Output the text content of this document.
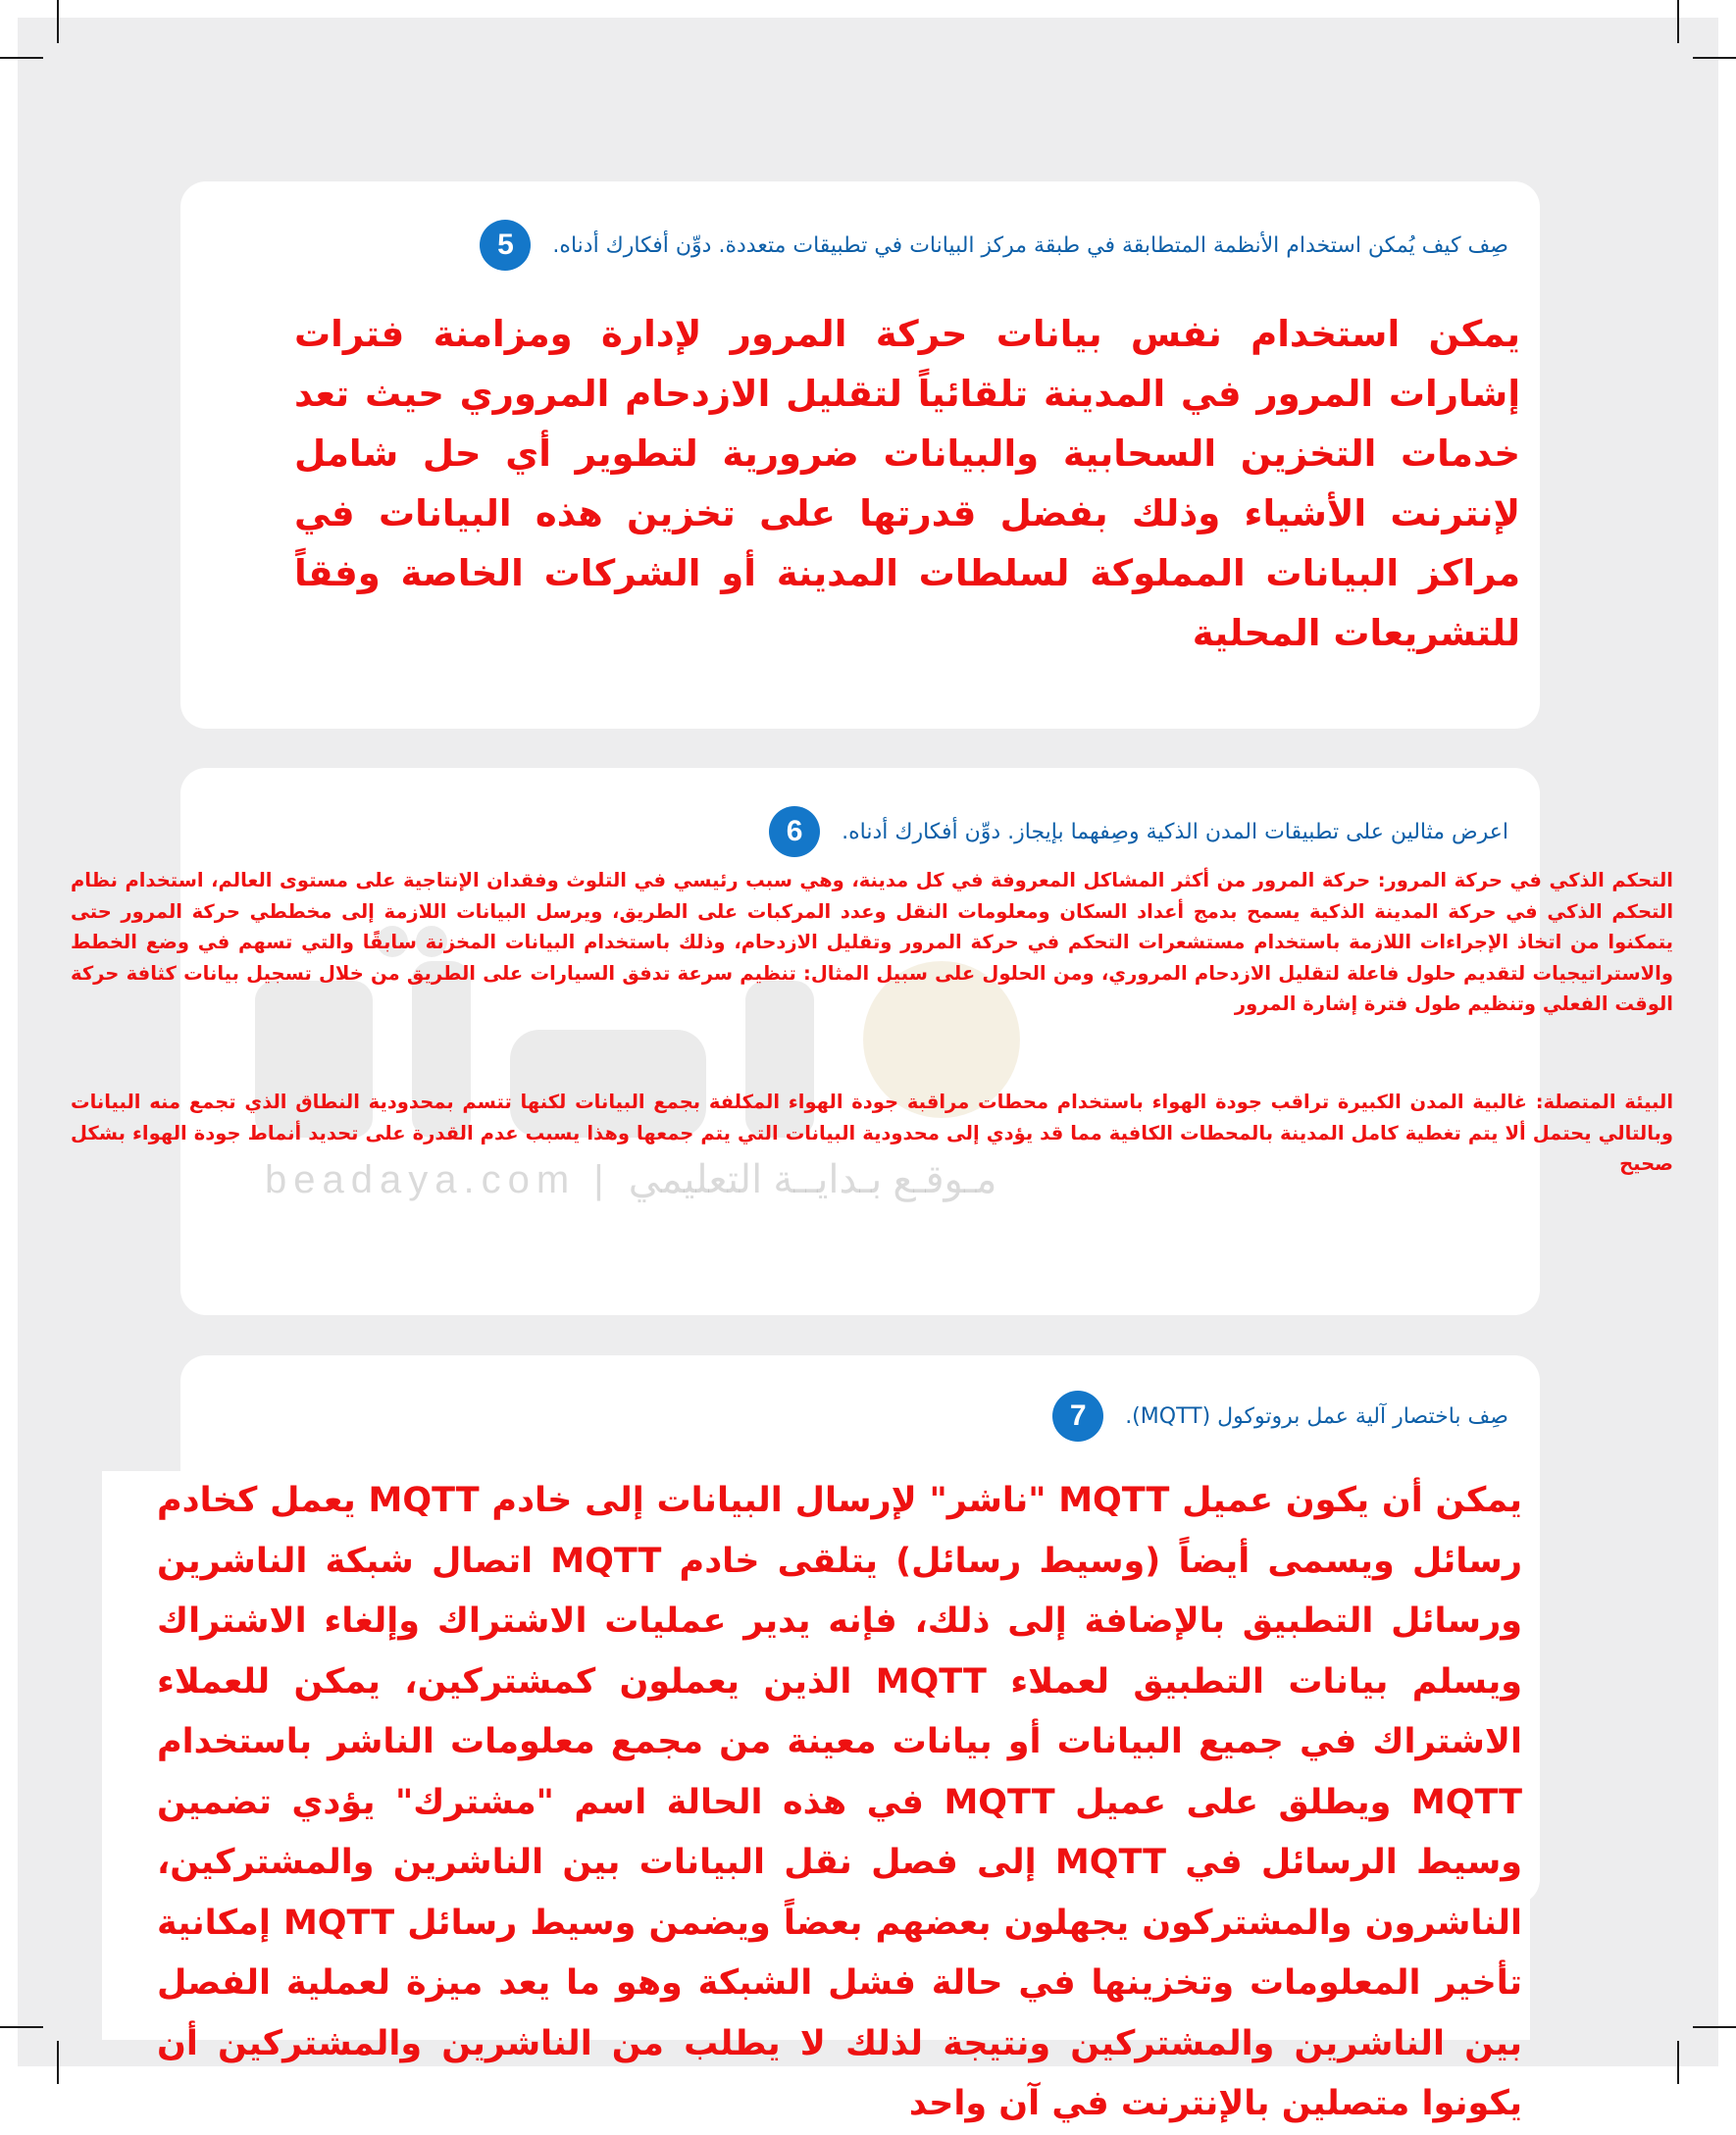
5	صِف كيف يُمكن استخدام الأنظمة المتطابقة في طبقة مركز البيانات في تطبيقات متعددة. دوِّن أفكارك أدناه.
يمكن استخدام نفس بيانات حركة المرور لإدارة ومزامنة فترات إشارات المرور في المدينة تلقائياً لتقليل الازدحام المروري حيث تعد خدمات التخزين السحابية والبيانات ضرورية لتطوير أي حل شامل لإنترنت الأشياء وذلك بفضل قدرتها على تخزين هذه البيانات في مراكز البيانات المملوكة لسلطات المدينة أو الشركات الخاصة وفقاً للتشريعات المحلية
6	اعرض مثالين على تطبيقات المدن الذكية وصِفهما بإيجاز. دوِّن أفكارك أدناه.
beadaya.com | مـوقـع بـدايــة التعليمي
التحكم الذكي في حركة المرور: حركة المرور من أكثر المشاكل المعروفة في كل مدينة، وهي سبب رئيسي في التلوث وفقدان الإنتاجية على مستوى العالم، استخدام نظام التحكم الذكي في حركة المدينة الذكية يسمح بدمج أعداد السكان ومعلومات النقل وعدد المركبات على الطريق، ويرسل البيانات اللازمة إلى مخططي حركة المرور حتى يتمكنوا من اتخاذ الإجراءات اللازمة باستخدام مستشعرات التحكم في حركة المرور وتقليل الازدحام، وذلك باستخدام البيانات المخزنة سابقًا والتي تسهم في وضع الخطط والاستراتيجيات لتقديم حلول فاعلة لتقليل الازدحام المروري، ومن الحلول على سبيل المثال: تنظيم سرعة تدفق السيارات على الطريق من خلال تسجيل بيانات كثافة حركة الوقت الفعلي وتنظيم طول فترة إشارة المرور
البيئة المتصلة: غالبية المدن الكبيرة تراقب جودة الهواء باستخدام محطات مراقبة جودة الهواء المكلفة بجمع البيانات لكنها تتسم بمحدودية النطاق الذي تجمع منه البيانات وبالتالي يحتمل ألا يتم تغطية كامل المدينة بالمحطات الكافية مما قد يؤدي إلى محدودية البيانات التي يتم جمعها وهذا يسبب عدم القدرة على تحديد أنماط جودة الهواء بشكل صحيح
7	صِف باختصار آلية عمل بروتوكول (MQTT).
يمكن أن يكون عميل MQTT "ناشر" لإرسال البيانات إلى خادم MQTT يعمل كخادم رسائل ويسمى أيضاً (وسيط رسائل) يتلقى خادم MQTT اتصال شبكة الناشرين ورسائل التطبيق بالإضافة إلى ذلك، فإنه يدير عمليات الاشتراك وإلغاء الاشتراك ويسلم بيانات التطبيق لعملاء MQTT الذين يعملون كمشتركين، يمكن للعملاء الاشتراك في جميع البيانات أو بيانات معينة من مجمع معلومات الناشر باستخدام MQTT ويطلق على عميل MQTT في هذه الحالة اسم "مشترك" يؤدي تضمين وسيط الرسائل في MQTT إلى فصل نقل البيانات بين الناشرين والمشتركين، الناشرون والمشتركون يجهلون بعضهم بعضاً ويضمن وسيط رسائل MQTT إمكانية تأخير المعلومات وتخزينها في حالة فشل الشبكة وهو ما يعد ميزة لعملية الفصل بين الناشرين والمشتركين ونتيجة لذلك لا يطلب من الناشرين والمشتركين أن يكونوا متصلين بالإنترنت في آن واحد
